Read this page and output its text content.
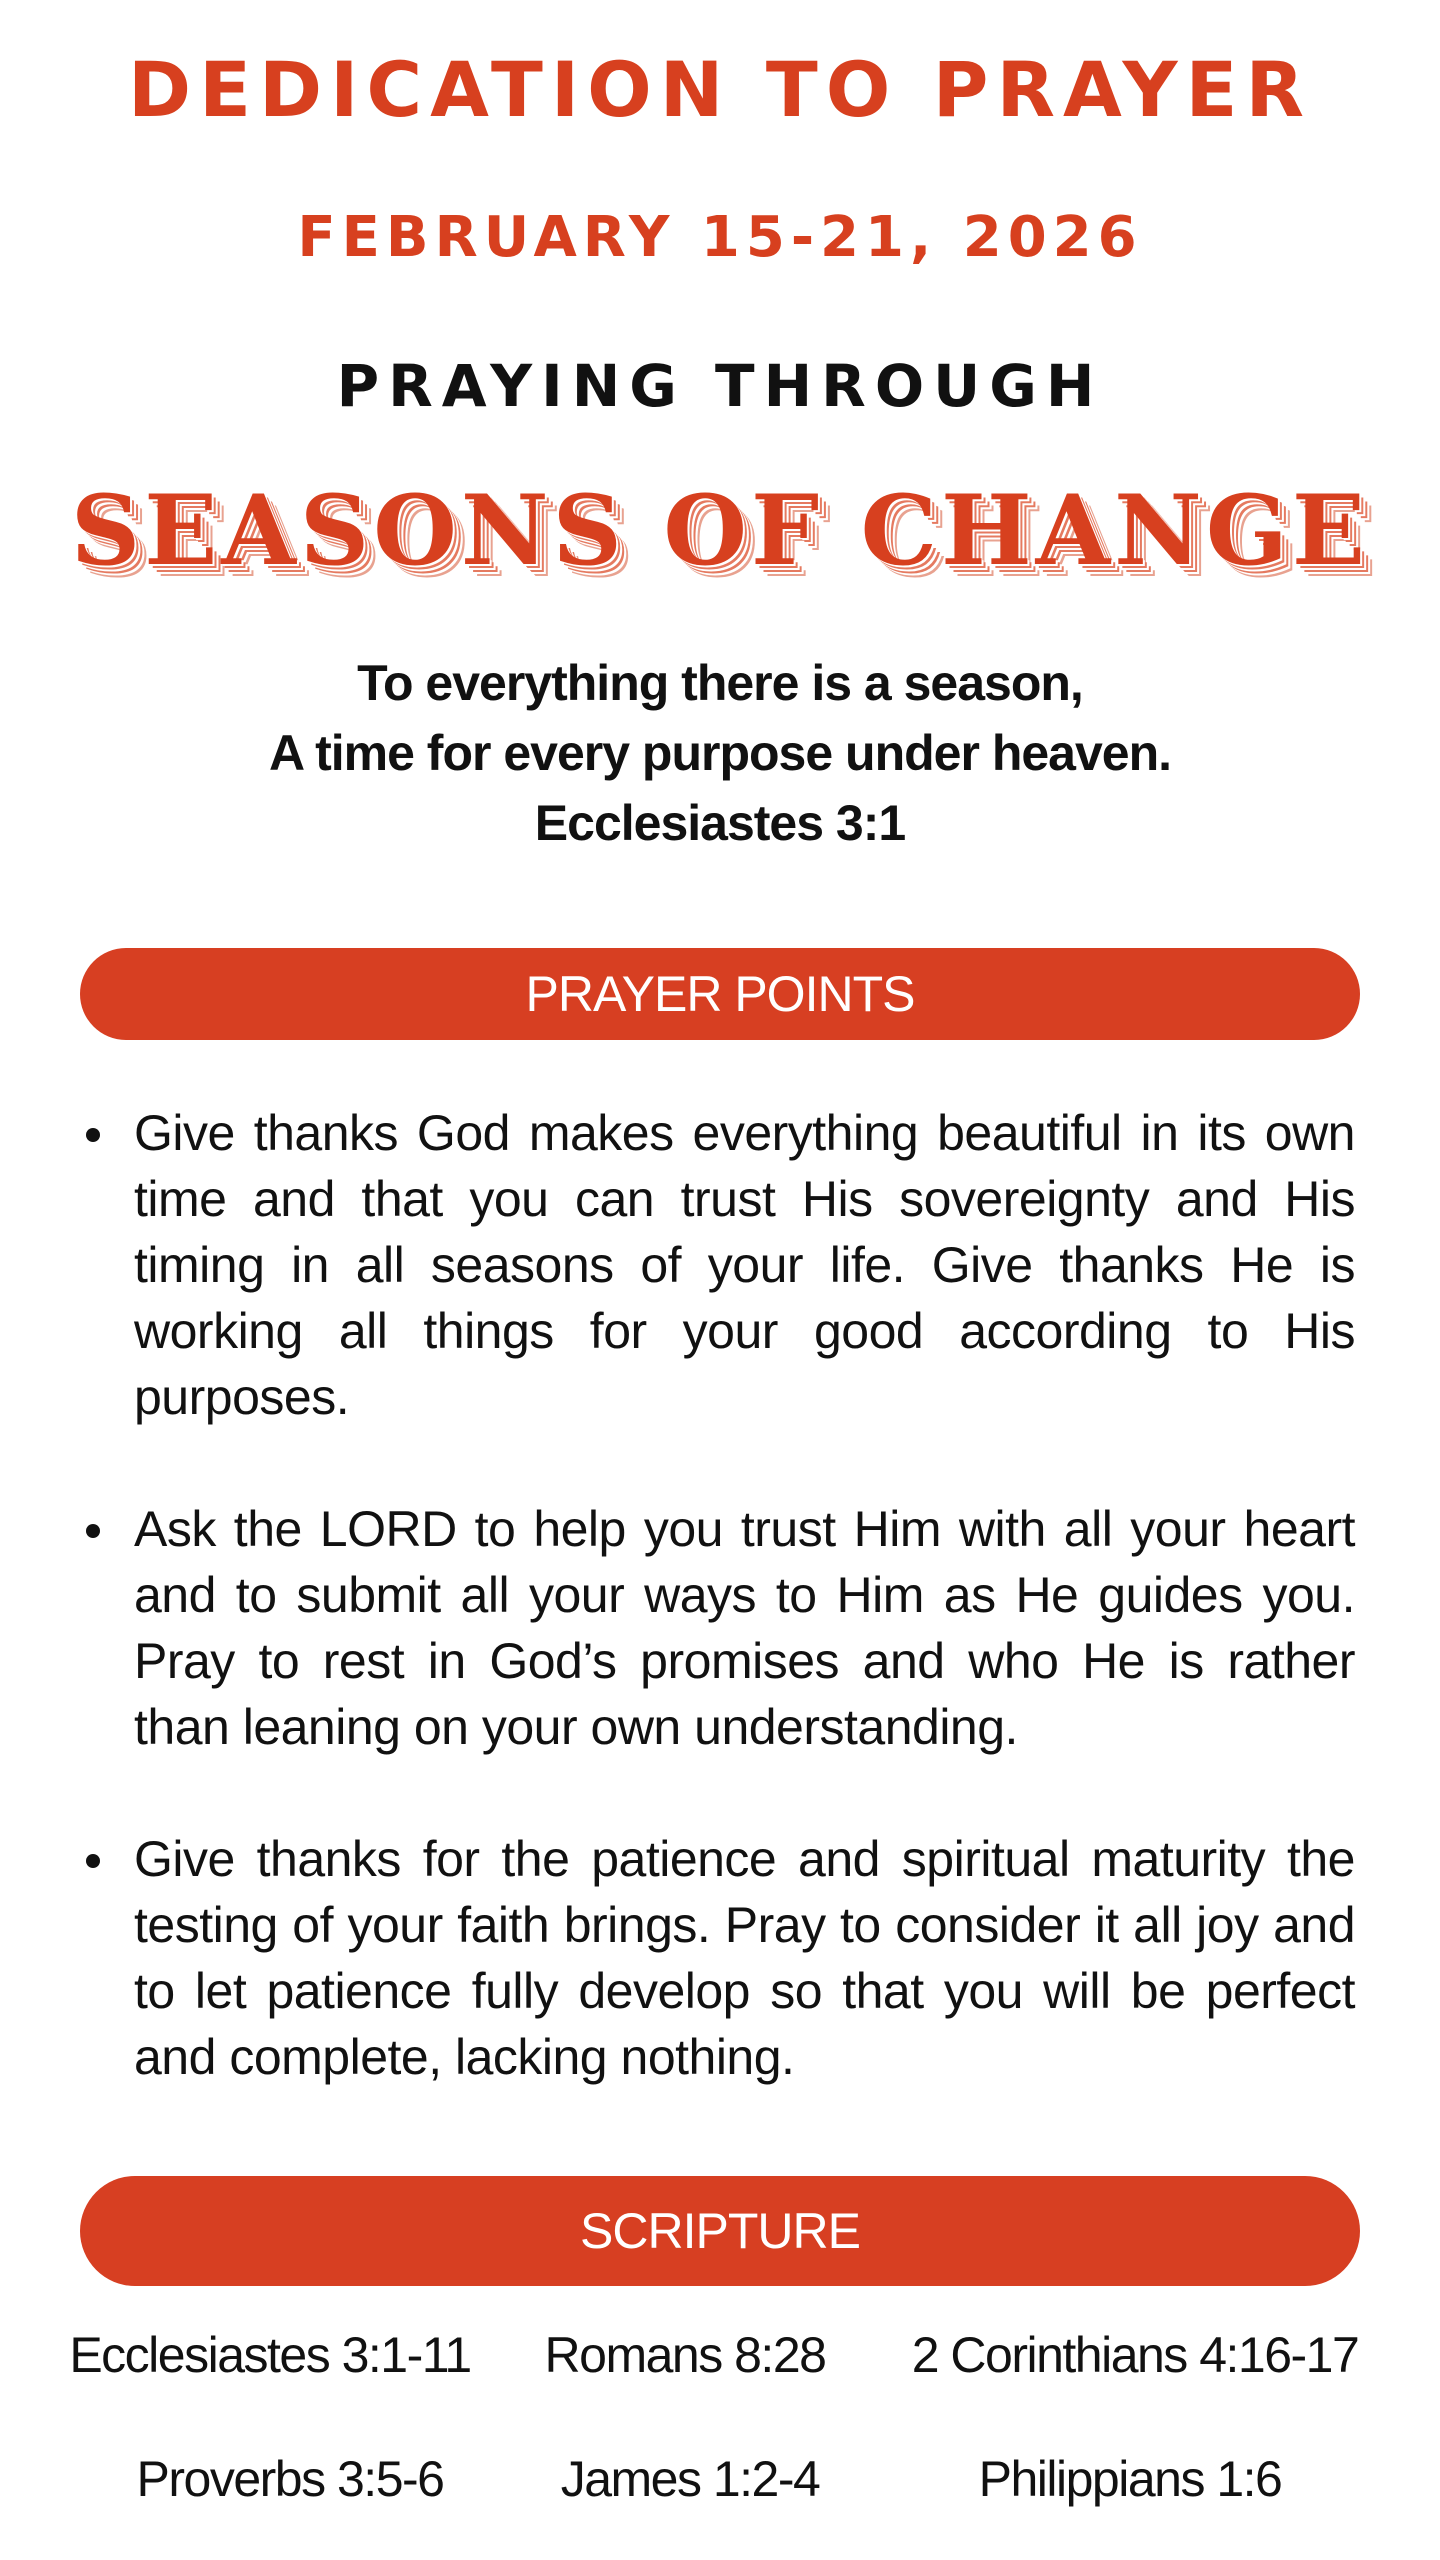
DEDICATION TO PRAYER
FEBRUARY 15-21, 2026
PRAYING THROUGH
SEASONS OF CHANGE
To everything there is a season,
A time for every purpose under heaven.
Ecclesiastes 3:1
PRAYER POINTS
Give thanks God makes everything beautiful in its own time and that you can trust His sovereignty and His timing in all seasons of your life. Give thanks He is working all things for your good according to His purposes.
Ask the LORD to help you trust Him with all your heart and to submit all your ways to Him as He guides you. Pray to rest in God’s promises and who He is rather than leaning on your own understanding.
Give thanks for the patience and spiritual maturity the testing of your faith brings. Pray to consider it all joy and to let patience fully develop so that you will be perfect and complete, lacking nothing.
SCRIPTURE
Ecclesiastes 3:1-11	Romans 8:28	2 Corinthians 4:16-17
Proverbs 3:5-6	James 1:2-4	Philippians 1:6
